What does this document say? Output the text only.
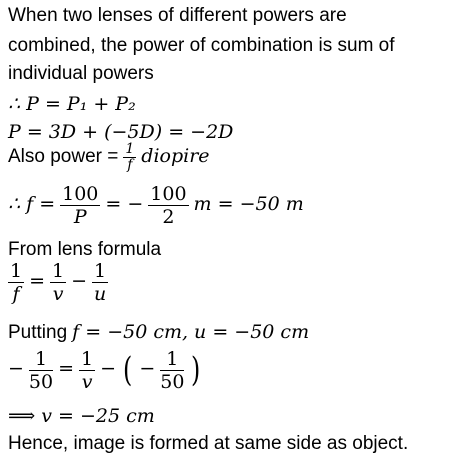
When two lenses of different powers are
combined, the power of combination is sum of
individual powers
∴ P = P₁ + P₂
P = 3D + (−5D) = −2D
Also power = $\frac{1}{f}$ diopire
∴ $f = \frac{100}{P}$ = − $\frac{100}{2}$ m = −50 m
From lens formula
$\frac{1}{f} = \frac{1}{v} - \frac{1}{u}$
Putting f = −50 cm, u = −50 cm
− $\frac{1}{50} = \frac{1}{v}$ − ( − $\frac{1}{50}$ )
⟹ v = −25 cm
Hence, image is formed at same side as object.
